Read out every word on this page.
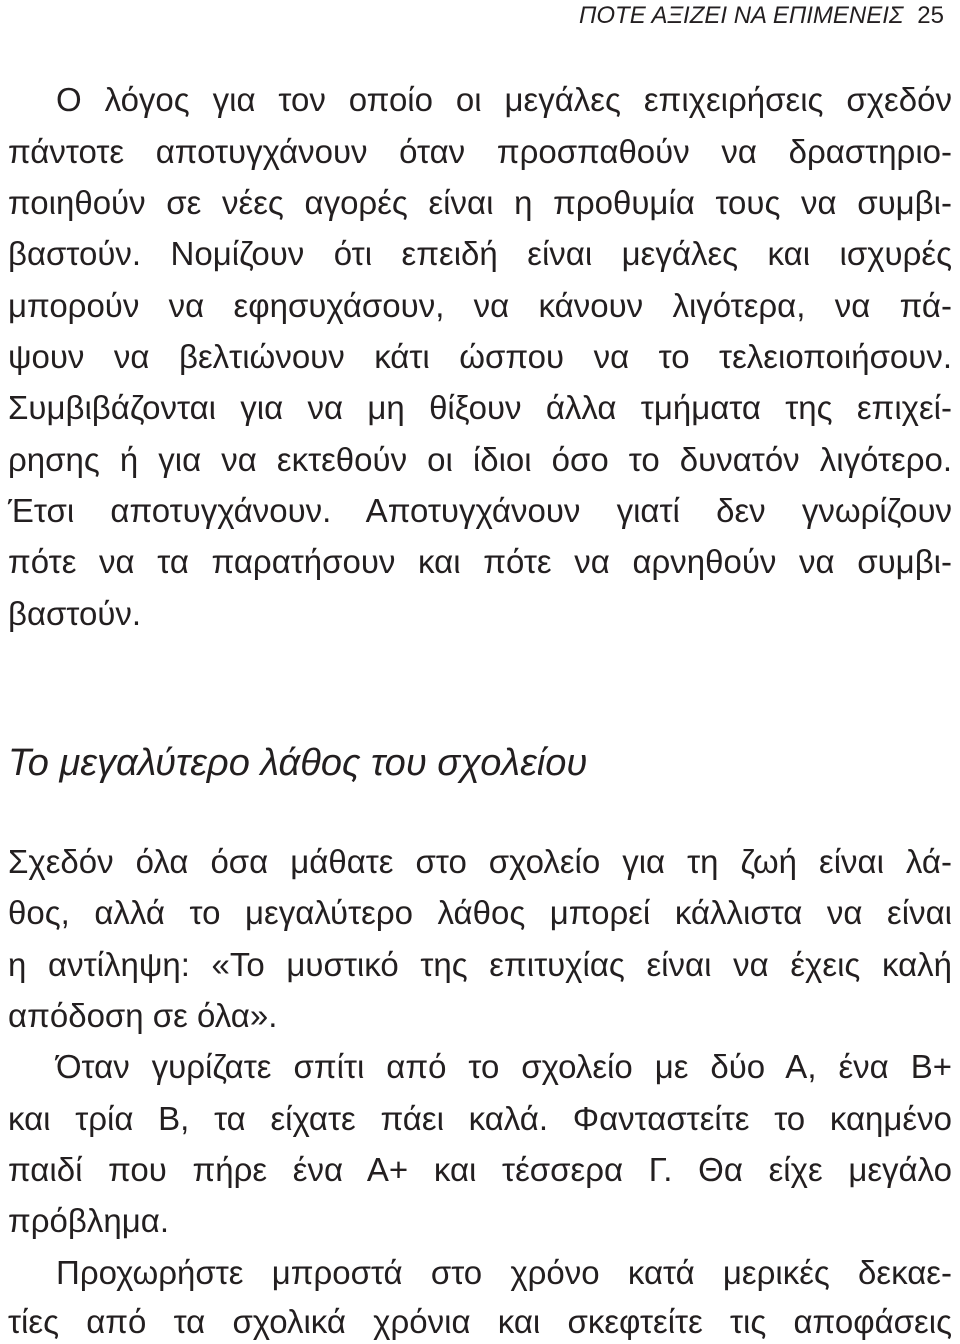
ΠΟΤΕ ΑΞΙΖΕΙ ΝΑ ΕΠΙΜΕΝΕΙΣ 25
Ο λόγος για τον οποίο οι μεγάλες επιχειρήσεις σχεδόν
πάντοτε αποτυγχάνουν όταν προσπαθούν να δραστηριο-
ποιηθούν σε νέες αγορές είναι η προθυμία τους να συμβι-
βαστούν. Νομίζουν ότι επειδή είναι μεγάλες και ισχυρές
μπορούν να εφησυχάσουν, να κάνουν λιγότερα, να πά-
ψουν να βελτιώνουν κάτι ώσπου να το τελειοποιήσουν.
Συμβιβάζονται για να μη θίξουν άλλα τμήματα της επιχεί-
ρησης ή για να εκτεθούν οι ίδιοι όσο το δυνατόν λιγότερο.
Έτσι αποτυγχάνουν. Αποτυγχάνουν γιατί δεν γνωρίζουν
πότε να τα παρατήσουν και πότε να αρνηθούν να συμβι-
βαστούν.
Το μεγαλύτερο λάθος του σχολείου
Σχεδόν όλα όσα μάθατε στο σχολείο για τη ζωή είναι λά-
θος, αλλά το μεγαλύτερο λάθος μπορεί κάλλιστα να είναι
η αντίληψη: «Το μυστικό της επιτυχίας είναι να έχεις καλή
απόδοση σε όλα».
Όταν γυρίζατε σπίτι από το σχολείο με δύο Α, ένα Β+
και τρία Β, τα είχατε πάει καλά. Φανταστείτε το καημένο
παιδί που πήρε ένα Α+ και τέσσερα Γ. Θα είχε μεγάλο
πρόβλημα.
Προχωρήστε μπροστά στο χρόνο κατά μερικές δεκαε-
τίες από τα σχολικά χρόνια και σκεφτείτε τις αποφάσεις
